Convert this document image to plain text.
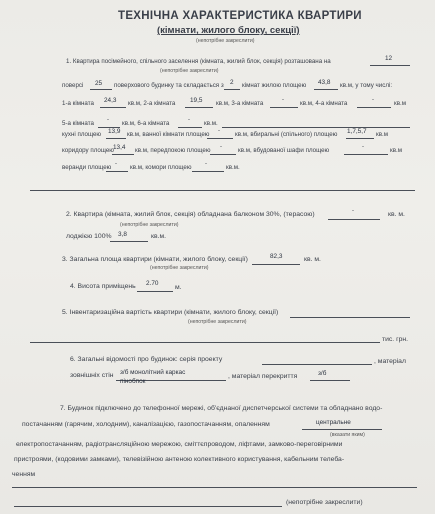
ТЕХНІЧНА ХАРАКТЕРИСТИКА КВАРТИРИ
(кімнати, жилого блоку, секції)
(непотрібне закреслити)
1. Квартира посімейного, спільного заселення (кімната, жилий блок, секція) розташована на	12
(непотрібне закреслити)
поверсі 25 поверхового будинку та складається з 2 кімнат жилою площею 43,8 кв.м, у тому числі:
1-а кімната 24,3 кв.м, 2-а кімната 19,5 кв.м, 3-а кімната	-	кв.м, 4-а кімната	-	кв.м
5-а кімната - кв.м, 6-а кімната	- кв.м.
кухні площею 13,9 кв.м, ванної кімнати площею - кв.м, вбиральні (спільного) площею 1,7,5,7 кв.м
коридору площею 13,4 кв.м, передпокою площею -	кв.м, вбудованої шафи площею	-	кв.м
веранди площею - кв.м, комори площею -	кв.м.
2. Квартира (кімната, жилий блок, секція) обладнана балконом 30%, (терасою)	-	кв. м.
(непотрібне закреслити)
лоджією 100% 3,8	кв.м.
3. Загальна площа квартири (кімнати, жилого блоку, секції)	82,3	кв. м.
(непотрібне закреслити)
4. Висота приміщень 2.70
м.
5. Інвентаризаційна вартість квартири (кімнати, жилого блоку, секції)
(непотрібне закреслити)
тис. грн.
6. Загальні відомості про будинок: серія проекту	, матеріал
зовнішніх стін з/б монолітний каркас
пінобпок
, матеріал перекриття	з/б
7. Будинок підключено до телефонної мережі, об'єднаної диспетчерської системи та обладнано водо-
постачанням (гарячим, холодним), каналізацією, газопостачанням, опаленням	центральне
(вказати яким)
електропостачанням, радіотрансляційною мережою, сміттєпроводом, ліфтами, замково-переговірними
пристроями, (кодовими замками), телевізійною антеною колективного користування, кабельним телеба-
ченням
(непотрібне закреслити)
